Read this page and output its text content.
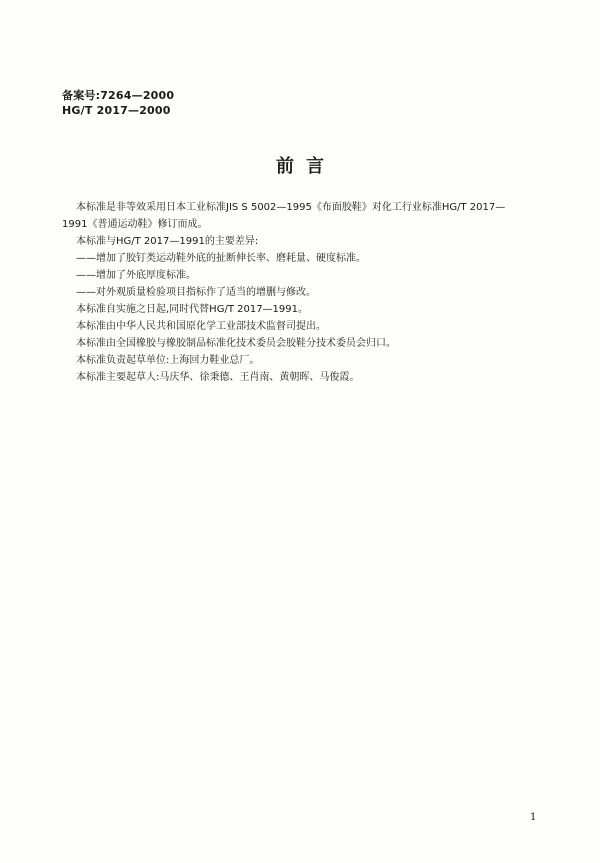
备案号:7264—2000
HG/T 2017—2000
前言

本标准是非等效采用日本工业标准JIS S 5002—1995《布面胶鞋》对化工行业标准HG/T 2017—

1991《普通运动鞋》修订而成。

本标准与HG/T 2017—1991的主要差异:

——增加了胶钉类运动鞋外底的扯断伸长率、磨耗量、硬度标准。

——增加了外底厚度标准。

——对外观质量检验项目指标作了适当的增删与修改。

本标准自实施之日起,同时代替HG/T 2017—1991。

本标准由中华人民共和国原化学工业部技术监督司提出。

本标准由全国橡胶与橡胶制品标准化技术委员会胶鞋分技术委员会归口。

本标准负责起草单位:上海回力鞋业总厂。

本标准主要起草人:马庆华、徐秉德、王肖南、黄朝晖、马俊霞。

1
